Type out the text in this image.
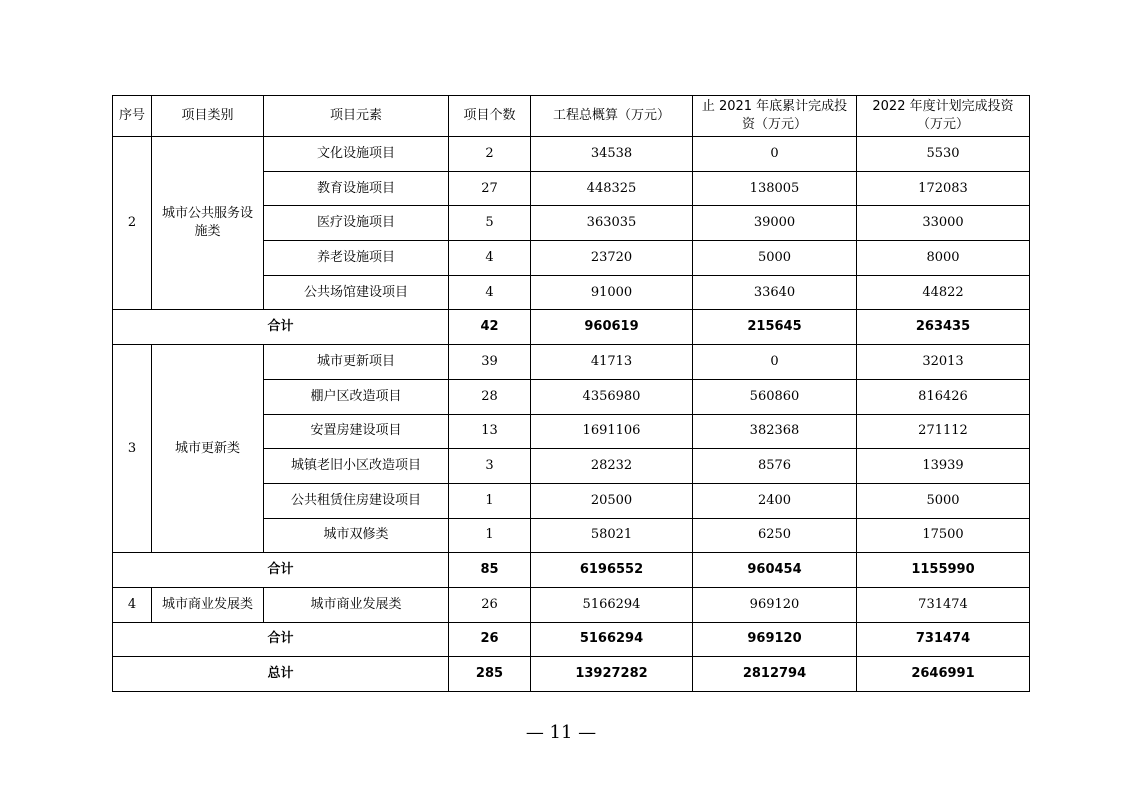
序号	项目类别	项目元素	项目个数	工程总概算（万元）	止 2021 年底累计完成投资（万元）	2022 年度计划完成投资（万元）
2	城市公共服务设施类	文化设施项目	2	34538	0	5530
		教育设施项目	27	448325	138005	172083
		医疗设施项目	5	363035	39000	33000
		养老设施项目	4	23720	5000	8000
		公共场馆建设项目	4	91000	33640	44822
合计			42	960619	215645	263435
3	城市更新类	城市更新项目	39	41713	0	32013
		棚户区改造项目	28	4356980	560860	816426
		安置房建设项目	13	1691106	382368	271112
		城镇老旧小区改造项目	3	28232	8576	13939
		公共租赁住房建设项目	1	20500	2400	5000
		城市双修类	1	58021	6250	17500
合计			85	6196552	960454	1155990
4	城市商业发展类	城市商业发展类	26	5166294	969120	731474
合计			26	5166294	969120	731474
总计			285	13927282	2812794	2646991
— 11 —
